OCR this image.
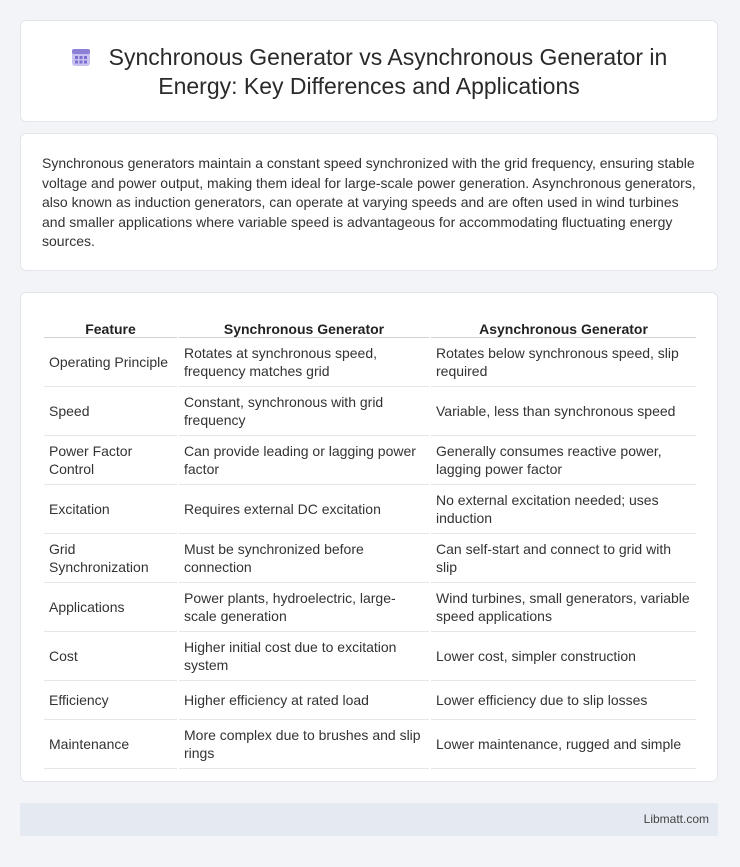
Synchronous Generator vs Asynchronous Generator in
Energy: Key Differences and Applications
Synchronous generators maintain a constant speed synchronized with the grid frequency, ensuring stable voltage and power output, making them ideal for large-scale power generation. Asynchronous generators, also known as induction generators, can operate at varying speeds and are often used in wind turbines and smaller applications where variable speed is advantageous for accommodating fluctuating energy sources.
Feature	Synchronous Generator	Asynchronous Generator
Operating Principle	Rotates at synchronous speed, frequency matches grid	Rotates below synchronous speed, slip required
Speed	Constant, synchronous with grid frequency	Variable, less than synchronous speed
Power Factor Control	Can provide leading or lagging power factor	Generally consumes reactive power, lagging power factor
Excitation	Requires external DC excitation	No external excitation needed; uses induction
Grid Synchronization	Must be synchronized before connection	Can self-start and connect to grid with slip
Applications	Power plants, hydroelectric, large-scale generation	Wind turbines, small generators, variable speed applications
Cost	Higher initial cost due to excitation system	Lower cost, simpler construction
Efficiency	Higher efficiency at rated load	Lower efficiency due to slip losses
Maintenance	More complex due to brushes and slip rings	Lower maintenance, rugged and simple
Libmatt.com
